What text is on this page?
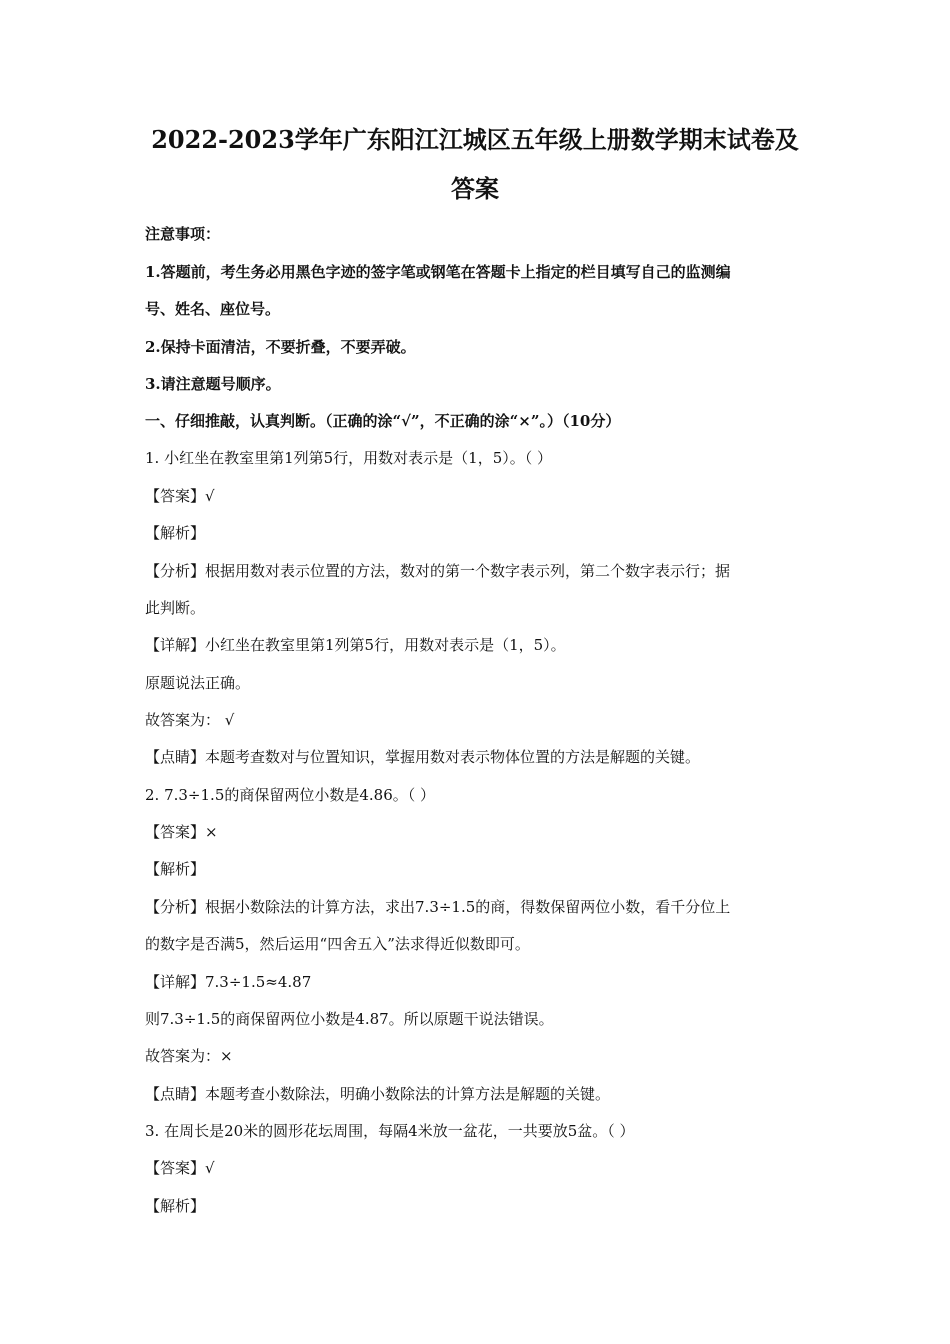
2022-2023学年广东阳江江城区五年级上册数学期末试卷及
答案
注意事项：
1.答题前，考生务必用黑色字迹的签字笔或钢笔在答题卡上指定的栏目填写自己的监测编
号、姓名、座位号。
2.保持卡面清洁，不要折叠，不要弄破。
3.请注意题号顺序。
一、仔细推敲，认真判断。（正确的涂“√”，不正确的涂“×”。）（10分）
1. 小红坐在教室里第1列第5行，用数对表示是（1，5）。（ ）
【答案】√
【解析】
【分析】根据用数对表示位置的方法，数对的第一个数字表示列，第二个数字表示行；据
此判断。
【详解】小红坐在教室里第1列第5行，用数对表示是（1，5）。
原题说法正确。
故答案为： √
【点睛】本题考查数对与位置知识，掌握用数对表示物体位置的方法是解题的关键。
2. 7.3÷1.5的商保留两位小数是4.86。（ ）
【答案】×
【解析】
【分析】根据小数除法的计算方法，求出7.3÷1.5的商，得数保留两位小数，看千分位上
的数字是否满5，然后运用“四舍五入”法求得近似数即可。
【详解】7.3÷1.5≈4.87
则7.3÷1.5的商保留两位小数是4.87。所以原题干说法错误。
故答案为：×
【点睛】本题考查小数除法，明确小数除法的计算方法是解题的关键。
3. 在周长是20米的圆形花坛周围，每隔4米放一盆花，一共要放5盆。（ ）
【答案】√
【解析】
